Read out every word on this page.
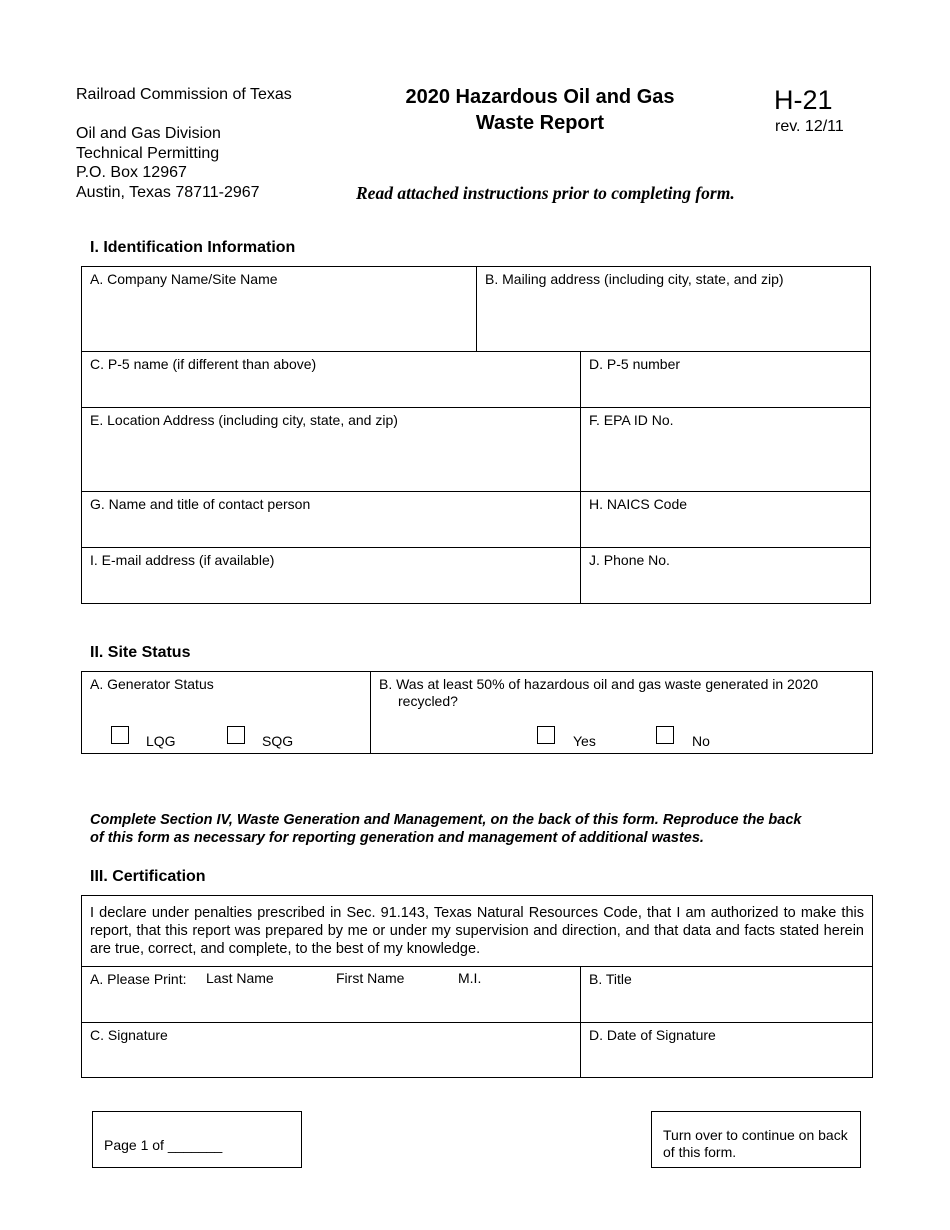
Railroad Commission of Texas
Oil and Gas Division
Technical Permitting
P.O. Box 12967
Austin, Texas 78711-2967
2020 Hazardous Oil and Gas
Waste Report
H-21
rev. 12/11
Read attached instructions prior to completing form.
I. Identification Information
A. Company Name/Site Name	B. Mailing address (including city, state, and zip)
C. P-5 name (if different than above)	D. P-5 number
E. Location Address (including city, state, and zip)	F. EPA ID No.
G. Name and title of contact person	H. NAICS Code
I. E-mail address (if available)	J. Phone No.
II. Site Status
A. Generator Status
LQG	SQG
B. Was at least 50% of hazardous oil and gas waste generated in 2020
recycled?
Yes	No
Complete Section IV, Waste Generation and Management, on the back of this form. Reproduce the back
of this form as necessary for reporting generation and management of additional wastes.
III. Certification
I declare under penalties prescribed in Sec. 91.143, Texas Natural Resources Code, that I am authorized to make this report, that this report was prepared by me or under my supervision and direction, and that data and facts stated herein are true, correct, and complete, to the best of my knowledge.
A. Please Print:	Last Name	First Name	M.I.	B. Title
C. Signature	D. Date of Signature
Page 1 of _______
Turn over to continue on back
of this form.
